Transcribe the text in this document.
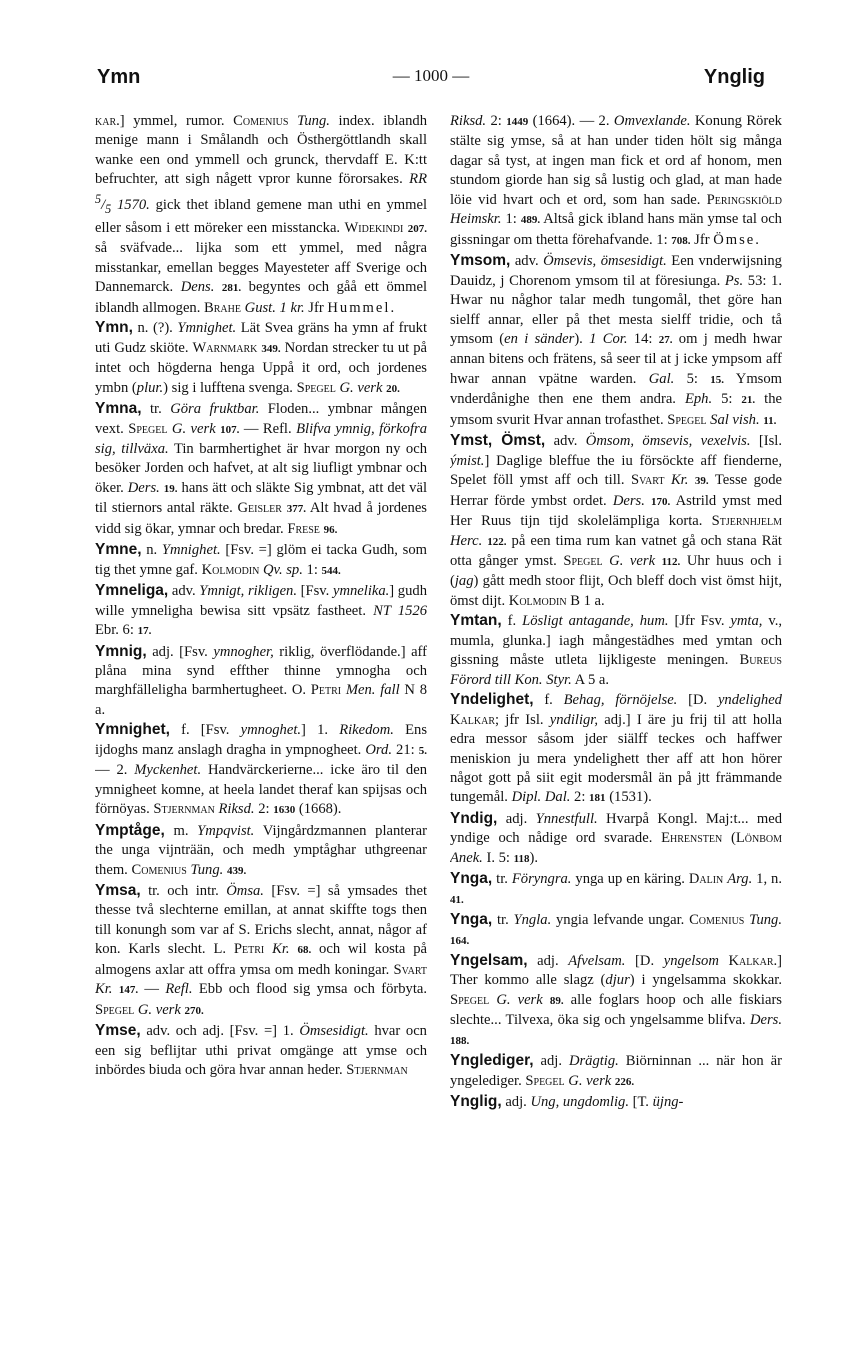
Ymn	— 1000 —	Ynglig

kar.] ymmel, rumor. Comenius Tung. index. iblandh menige mann i Smålandh och Östhergöttlandh skall wanke een ond ymmell och grunck, thervdaff E. K:tt befruchter, att sigh någett vpror kunne förorsakes. RR $^5/_5$ 1570. gick thet ibland gemene man uthi en ymmel eller såsom i ett möreker een misstancka. Widekindi 207. så sväfvade... lijka som ett ymmel, med några misstankar, emellan begges Mayesteter aff Sverige och Dannemarck. Dens. 281. begyntes och gåå ett ömmel iblandh allmogen. Brahe Gust. 1 kr. Jfr Hummel.

Ymn, n. (?). Ymnighet. Lät Svea gräns ha ymn af frukt uti Gudz skiöte. Warnmark 349. Nordan strecker tu ut på intet och högderna henga Uppå it ord, och jordenes ymbn (plur.) sig i lufftena svenga. Spegel G. verk 20.

Ymna, tr. Göra fruktbar. Floden... ymbnar mången vext. Spegel G. verk 107. — Refl. Blifva ymnig, förkofra sig, tillväxa. Tin barmhertighet är hvar morgon ny och besöker Jorden och hafvet, at alt sig liufligt ymbnar och öker. Ders. 19. hans ätt och släkte Sig ymbnat, att det väl til stiernors antal räkte. Geisler 377. Alt hvad å jordenes vidd sig ökar, ymnar och bredar. Frese 96.

Ymne, n. Ymnighet. [Fsv. =] glöm ei tacka Gudh, som tig thet ymne gaf. Kolmodin Qv. sp. 1: 544.

Ymneliga, adv. Ymnigt, rikligen. [Fsv. ymnelika.] gudh wille ymneligha bewisa sitt vpsätz fastheet. NT 1526 Ebr. 6: 17.

Ymnig, adj. [Fsv. ymnogher, riklig, överflödande.] aff plåna mina synd effther thinne ymnogha och marghfälleligha barmhertugheet. O. Petri Men. fall N 8 a.

Ymnighet, f. [Fsv. ymnoghet.] 1. Rikedom. Ens ijdoghs manz anslagh dragha in ympnogheet. Ord. 21: 5. — 2. Myckenhet. Handvärckerierne... icke äro til den ymnigheet komne, at heela landet theraf kan spijsas och förnöyas. Stjernman Riksd. 2: 1630 (1668).

Ymptåge, m. Ympqvist. Vijngårdzmannen planterar the unga vijnträän, och medh ymptåghar uthgreenar them. Comenius Tung. 439.

Ymsa, tr. och intr. Ömsa. [Fsv. =] så ymsades thet thesse två slechterne emillan, at annat skiffte togs then till konungh som var af S. Erichs slecht, annat, någor af kon. Karls slecht. L. Petri Kr. 68. och wil kosta på almogens axlar att offra ymsa om medh koningar. Svart Kr. 147. — Refl. Ebb och flood sig ymsa och förbyta. Spegel G. verk 270.

Ymse, adv. och adj. [Fsv. =] 1. Ömsesidigt. hvar ocn een sig beflijtar uthi privat omgänge att ymse och inbördes biuda och göra hvar annan heder. Stjernman

Riksd. 2: 1449 (1664). — 2. Omvexlande. Konung Rörek stälte sig ymse, så at han under tiden hölt sig många dagar så tyst, at ingen man fick et ord af honom, men stundom giorde han sig så lustig och glad, at man hade löie vid hvart och et ord, som han sade. Peringskiöld Heimskr. 1: 489. Altså gick ibland hans män ymse tal och gissningar om thetta förehafvande. 1: 708. Jfr Ömse.

Ymsom, adv. Ömsevis, ömsesidigt. Een vnderwijsning Dauidz, j Chorenom ymsom til at föresiunga. Ps. 53: 1. Hwar nu någhor talar medh tungomål, thet göre han sielff annar, eller på thet mesta sielff tridie, och tå ymsom (en i sänder). 1 Cor. 14: 27. om j medh hwar annan bitens och frätens, så seer til at j icke ympsom aff hwar annan vpätne warden. Gal. 5: 15. Ymsom vnderdånighe then ene them andra. Eph. 5: 21. the ymsom svurit Hvar annan trofasthet. Spegel Sal vish. 11.

Ymst, Ömst, adv. Ömsom, ömsevis, vexelvis. [Isl. ýmist.] Daglige bleffue the iu försöckte aff fienderne, Spelet föll ymst aff och till. Svart Kr. 39. Tesse gode Herrar förde ymbst ordet. Ders. 170. Astrild ymst med Her Ruus tijn tijd skolelämpliga korta. Stjernhjelm Herc. 122. på een tima rum kan vatnet gå och stana Rät otta gånger ymst. Spegel G. verk 112. Uhr huus och i (jag) gått medh stoor flijt, Och bleff doch vist ömst hijt, ömst dijt. Kolmodin B 1 a.

Ymtan, f. Lösligt antagande, hum. [Jfr Fsv. ymta, v., mumla, glunka.] iagh mångestädhes med ymtan och gissning måste utleta lijkligeste meningen. Bureus Förord till Kon. Styr. A 5 a.

Yndelighet, f. Behag, förnöjelse. [D. yndelighed Kalkar; jfr Isl. yndiligr, adj.] I äre ju frij til att holla edra messor såsom jder siälff teckes och haffwer meniskion ju mera yndelighett ther aff att hon hörer något gott på siit egit modersmål än på jtt främmande tungemål. Dipl. Dal. 2: 181 (1531).

Yndig, adj. Ynnestfull. Hvarpå Kongl. Maj:t... med yndige och nådige ord svarade. Ehrensten (Lönbom Anek. I. 5: 118).

Ynga, tr. Föryngra. ynga up en käring. Dalin Arg. 1, n. 41.

Ynga, tr. Yngla. yngia lefvande ungar. Comenius Tung. 164.

Yngelsam, adj. Afvelsam. [D. yngelsom Kalkar.] Ther kommo alle slagz (djur) i yngelsamma skokkar. Spegel G. verk 89. alle foglars hoop och alle fiskiars slechte... Tilvexa, öka sig och yngelsamme blifva. Ders. 188.

Ynglediger, adj. Drägtig. Biörninnan ... när hon är yngelediger. Spegel G. verk 226.

Ynglig, adj. Ung, ungdomlig. [T. üjng-
